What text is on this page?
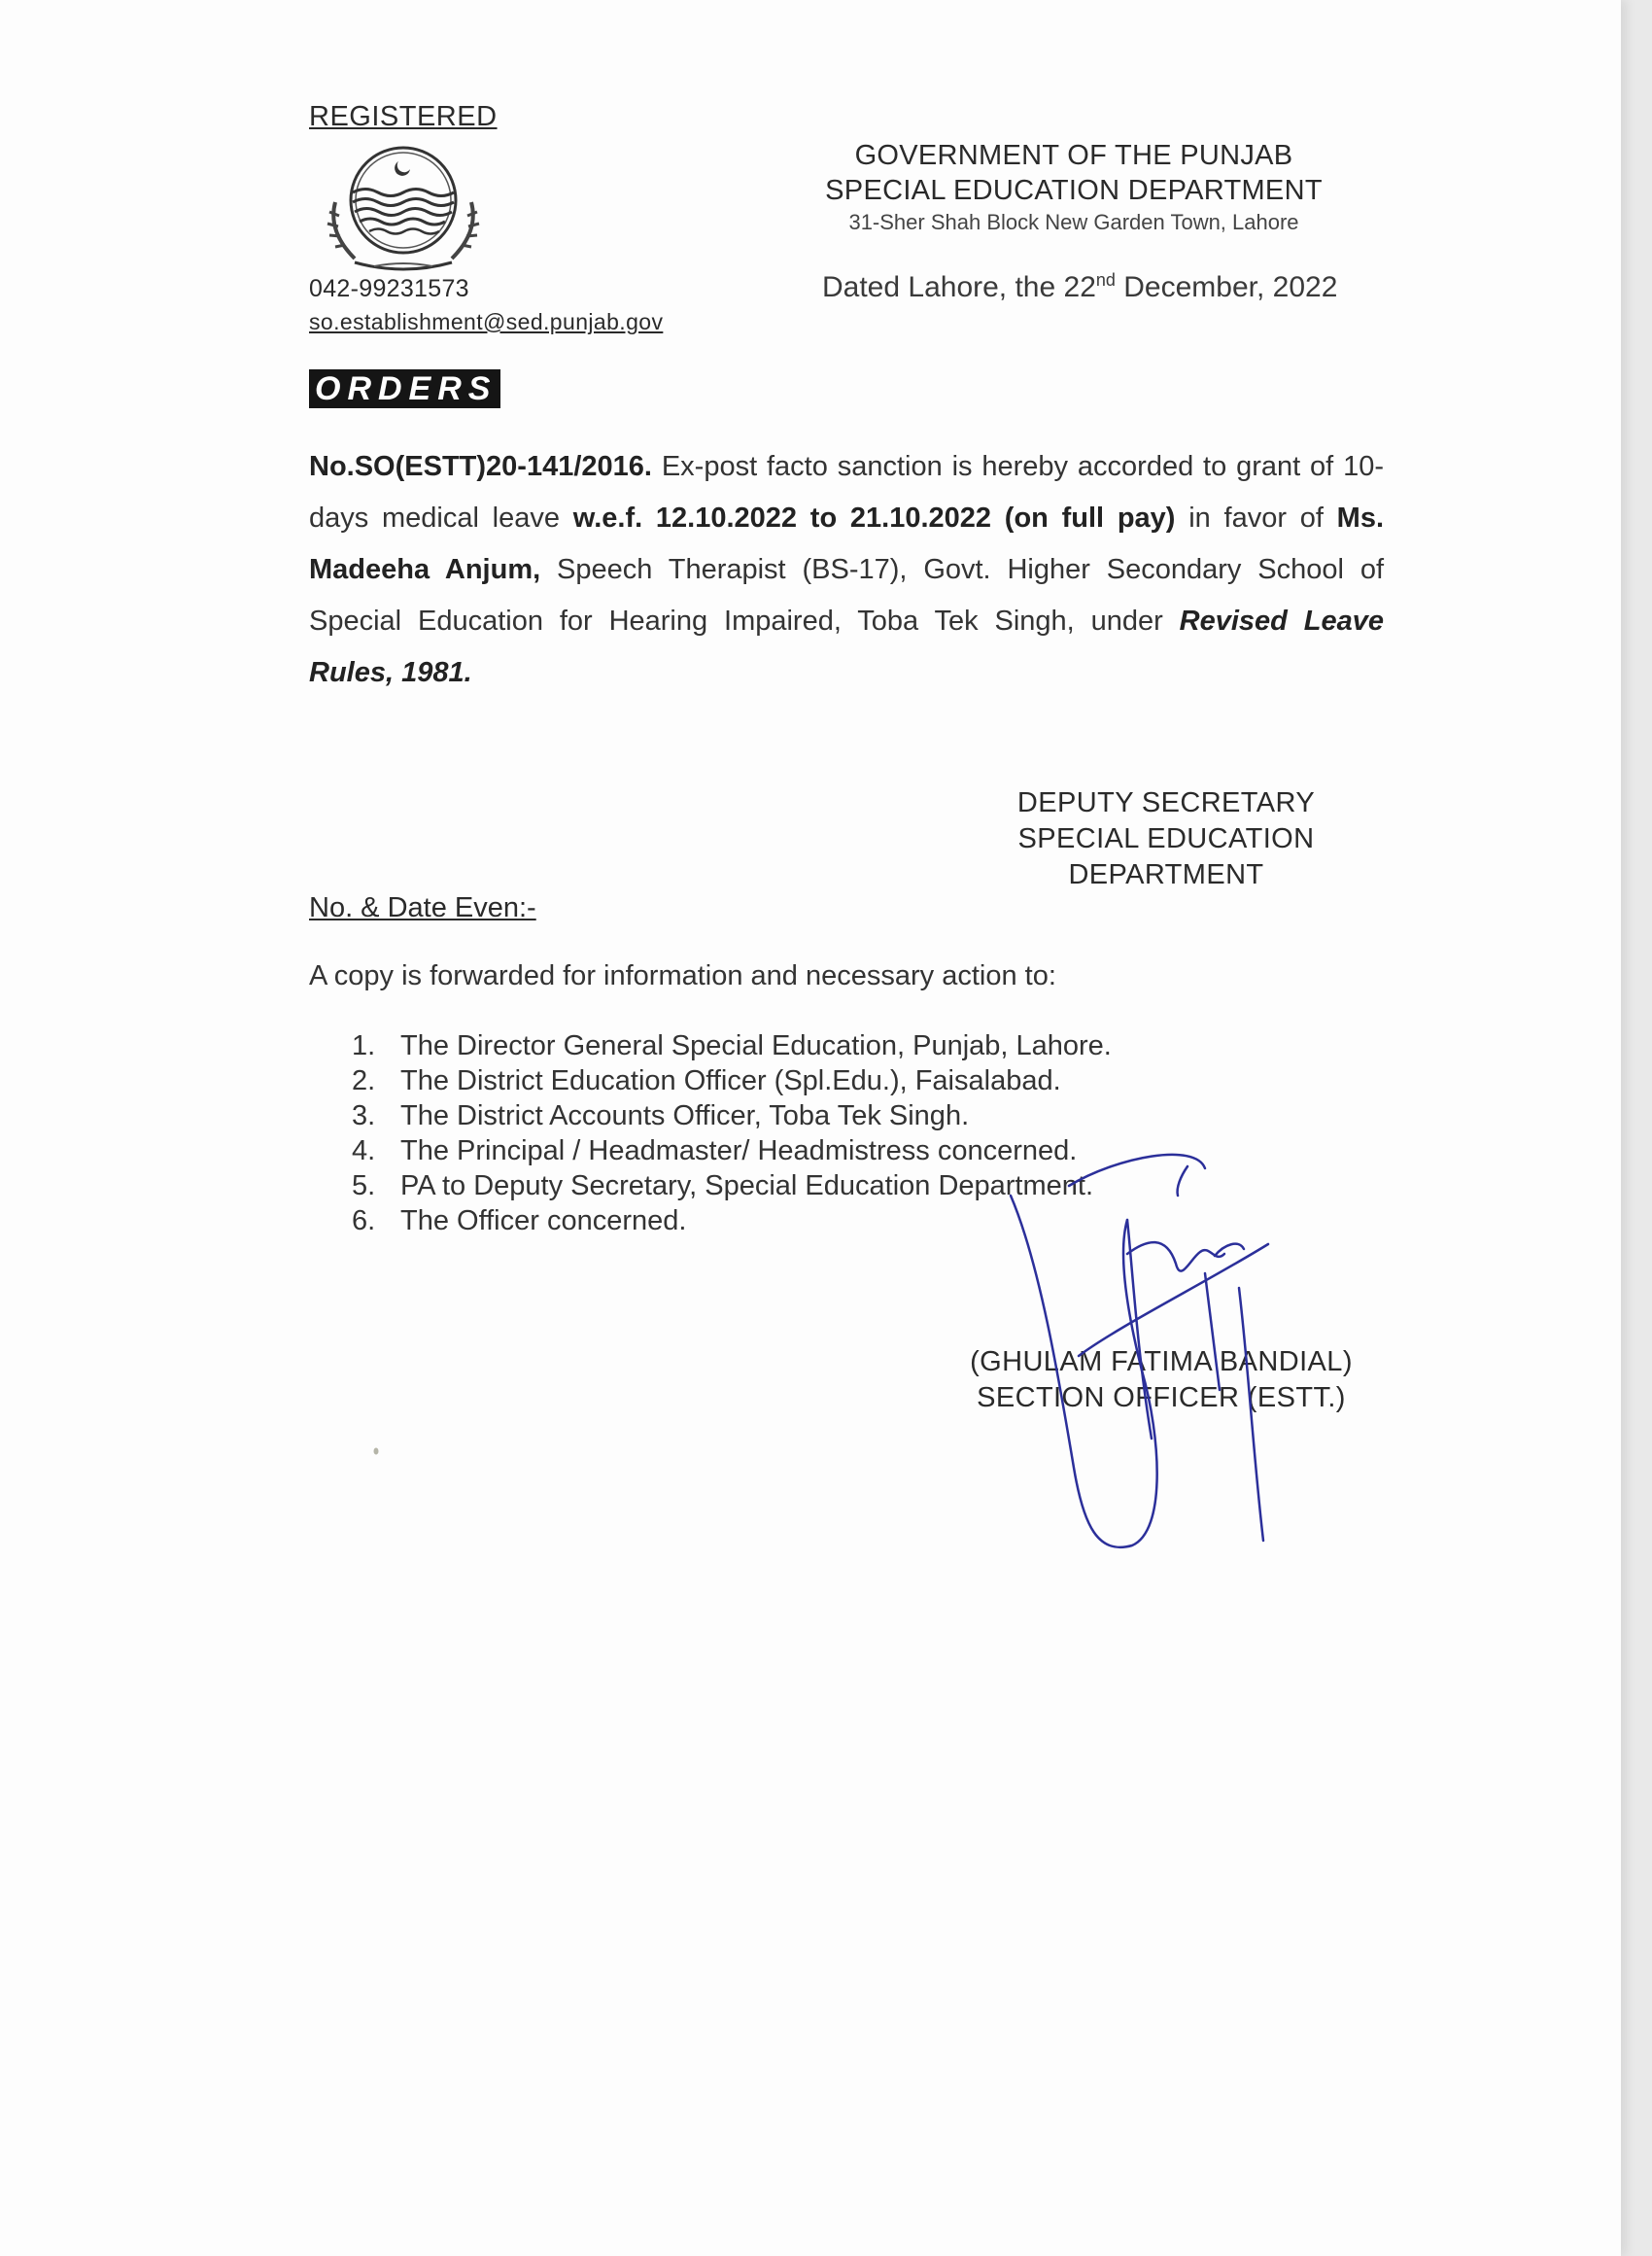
REGISTERED
042-99231573
so.establishment@sed.punjab.gov
GOVERNMENT OF THE PUNJAB
SPECIAL EDUCATION DEPARTMENT
31-Sher Shah Block New Garden Town, Lahore
Dated Lahore, the 22nd December, 2022
ORDERS
No.SO(ESTT)20-141/2016. Ex-post facto sanction is hereby accorded to grant of 10-days medical leave w.e.f. 12.10.2022 to 21.10.2022 (on full pay) in favor of Ms. Madeeha Anjum, Speech Therapist (BS-17), Govt. Higher Secondary School of Special Education for Hearing Impaired, Toba Tek Singh, under Revised Leave Rules, 1981.
DEPUTY SECRETARY
SPECIAL EDUCATION
DEPARTMENT
No. & Date Even:-
A copy is forwarded for information and necessary action to:
1. The Director General Special Education, Punjab, Lahore.
2. The District Education Officer (Spl.Edu.), Faisalabad.
3. The District Accounts Officer, Toba Tek Singh.
4. The Principal / Headmaster/ Headmistress concerned.
5. PA to Deputy Secretary, Special Education Department.
6. The Officer concerned.
(GHULAM FATIMA BANDIAL)
SECTION OFFICER (ESTT.)
